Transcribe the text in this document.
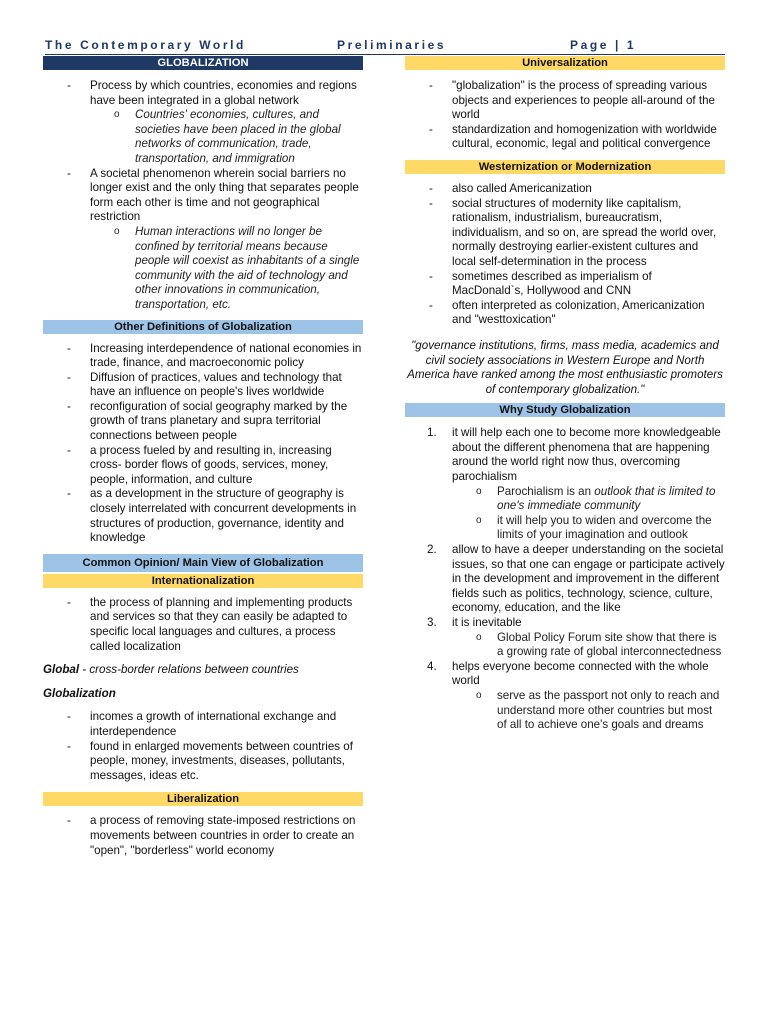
The Contemporary World	Preliminaries	Page | 1
GLOBALIZATION
- Process by which countries, economies and regions have been integrated in a global network
o Countries' economies, cultures, and societies have been placed in the global networks of communication, trade, transportation, and immigration
- A societal phenomenon wherein social barriers no longer exist and the only thing that separates people form each other is time and not geographical restriction
o Human interactions will no longer be confined by territorial means because people will coexist as inhabitants of a single community with the aid of technology and other innovations in communication, transportation, etc.
Other Definitions of Globalization
- Increasing interdependence of national economies in trade, finance, and macroeconomic policy
- Diffusion of practices, values and technology that have an influence on people's lives worldwide
- reconfiguration of social geography marked by the growth of trans planetary and supra territorial connections between people
- a process fueled by and resulting in, increasing cross- border flows of goods, services, money, people, information, and culture
- as a development in the structure of geography is closely interrelated with concurrent developments in structures of production, governance, identity and knowledge
Common Opinion/ Main View of Globalization
Internationalization
- the process of planning and implementing products and services so that they can easily be adapted to specific local languages and cultures, a process called localization

Global - cross-border relations between countries

Globalization

- incomes a growth of international exchange and interdependence
- found in enlarged movements between countries of people, money, investments, diseases, pollutants, messages, ideas etc.
Liberalization
- a process of removing state-imposed restrictions on movements between countries in order to create an "open", "borderless" world economy
Universalization
- "globalization" is the process of spreading various objects and experiences to people all-around of the world
- standardization and homogenization with worldwide cultural, economic, legal and political convergence
Westernization or Modernization
- also called Americanization
- social structures of modernity like capitalism, rationalism, industrialism, bureaucratism, individualism, and so on, are spread the world over, normally destroying earlier-existent cultures and local self-determination in the process
- sometimes described as imperialism of MacDonald`s, Hollywood and CNN
- often interpreted as colonization, Americanization and "westtoxication"

"governance institutions, firms, mass media, academics and civil society associations in Western Europe and North America have ranked among the most enthusiastic promoters of contemporary globalization."

Why Study Globalization
1. it will help each one to become more knowledgeable about the different phenomena that are happening around the world right now thus, overcoming parochialism
o Parochialism is an outlook that is limited to one's immediate community
o it will help you to widen and overcome the limits of your imagination and outlook
2. allow to have a deeper understanding on the societal issues, so that one can engage or participate actively in the development and improvement in the different fields such as politics, technology, science, culture, economy, education, and the like
3. it is inevitable
o Global Policy Forum site show that there is a growing rate of global interconnectedness
4. helps everyone become connected with the whole world
o serve as the passport not only to reach and understand more other countries but most of all to achieve one's goals and dreams
